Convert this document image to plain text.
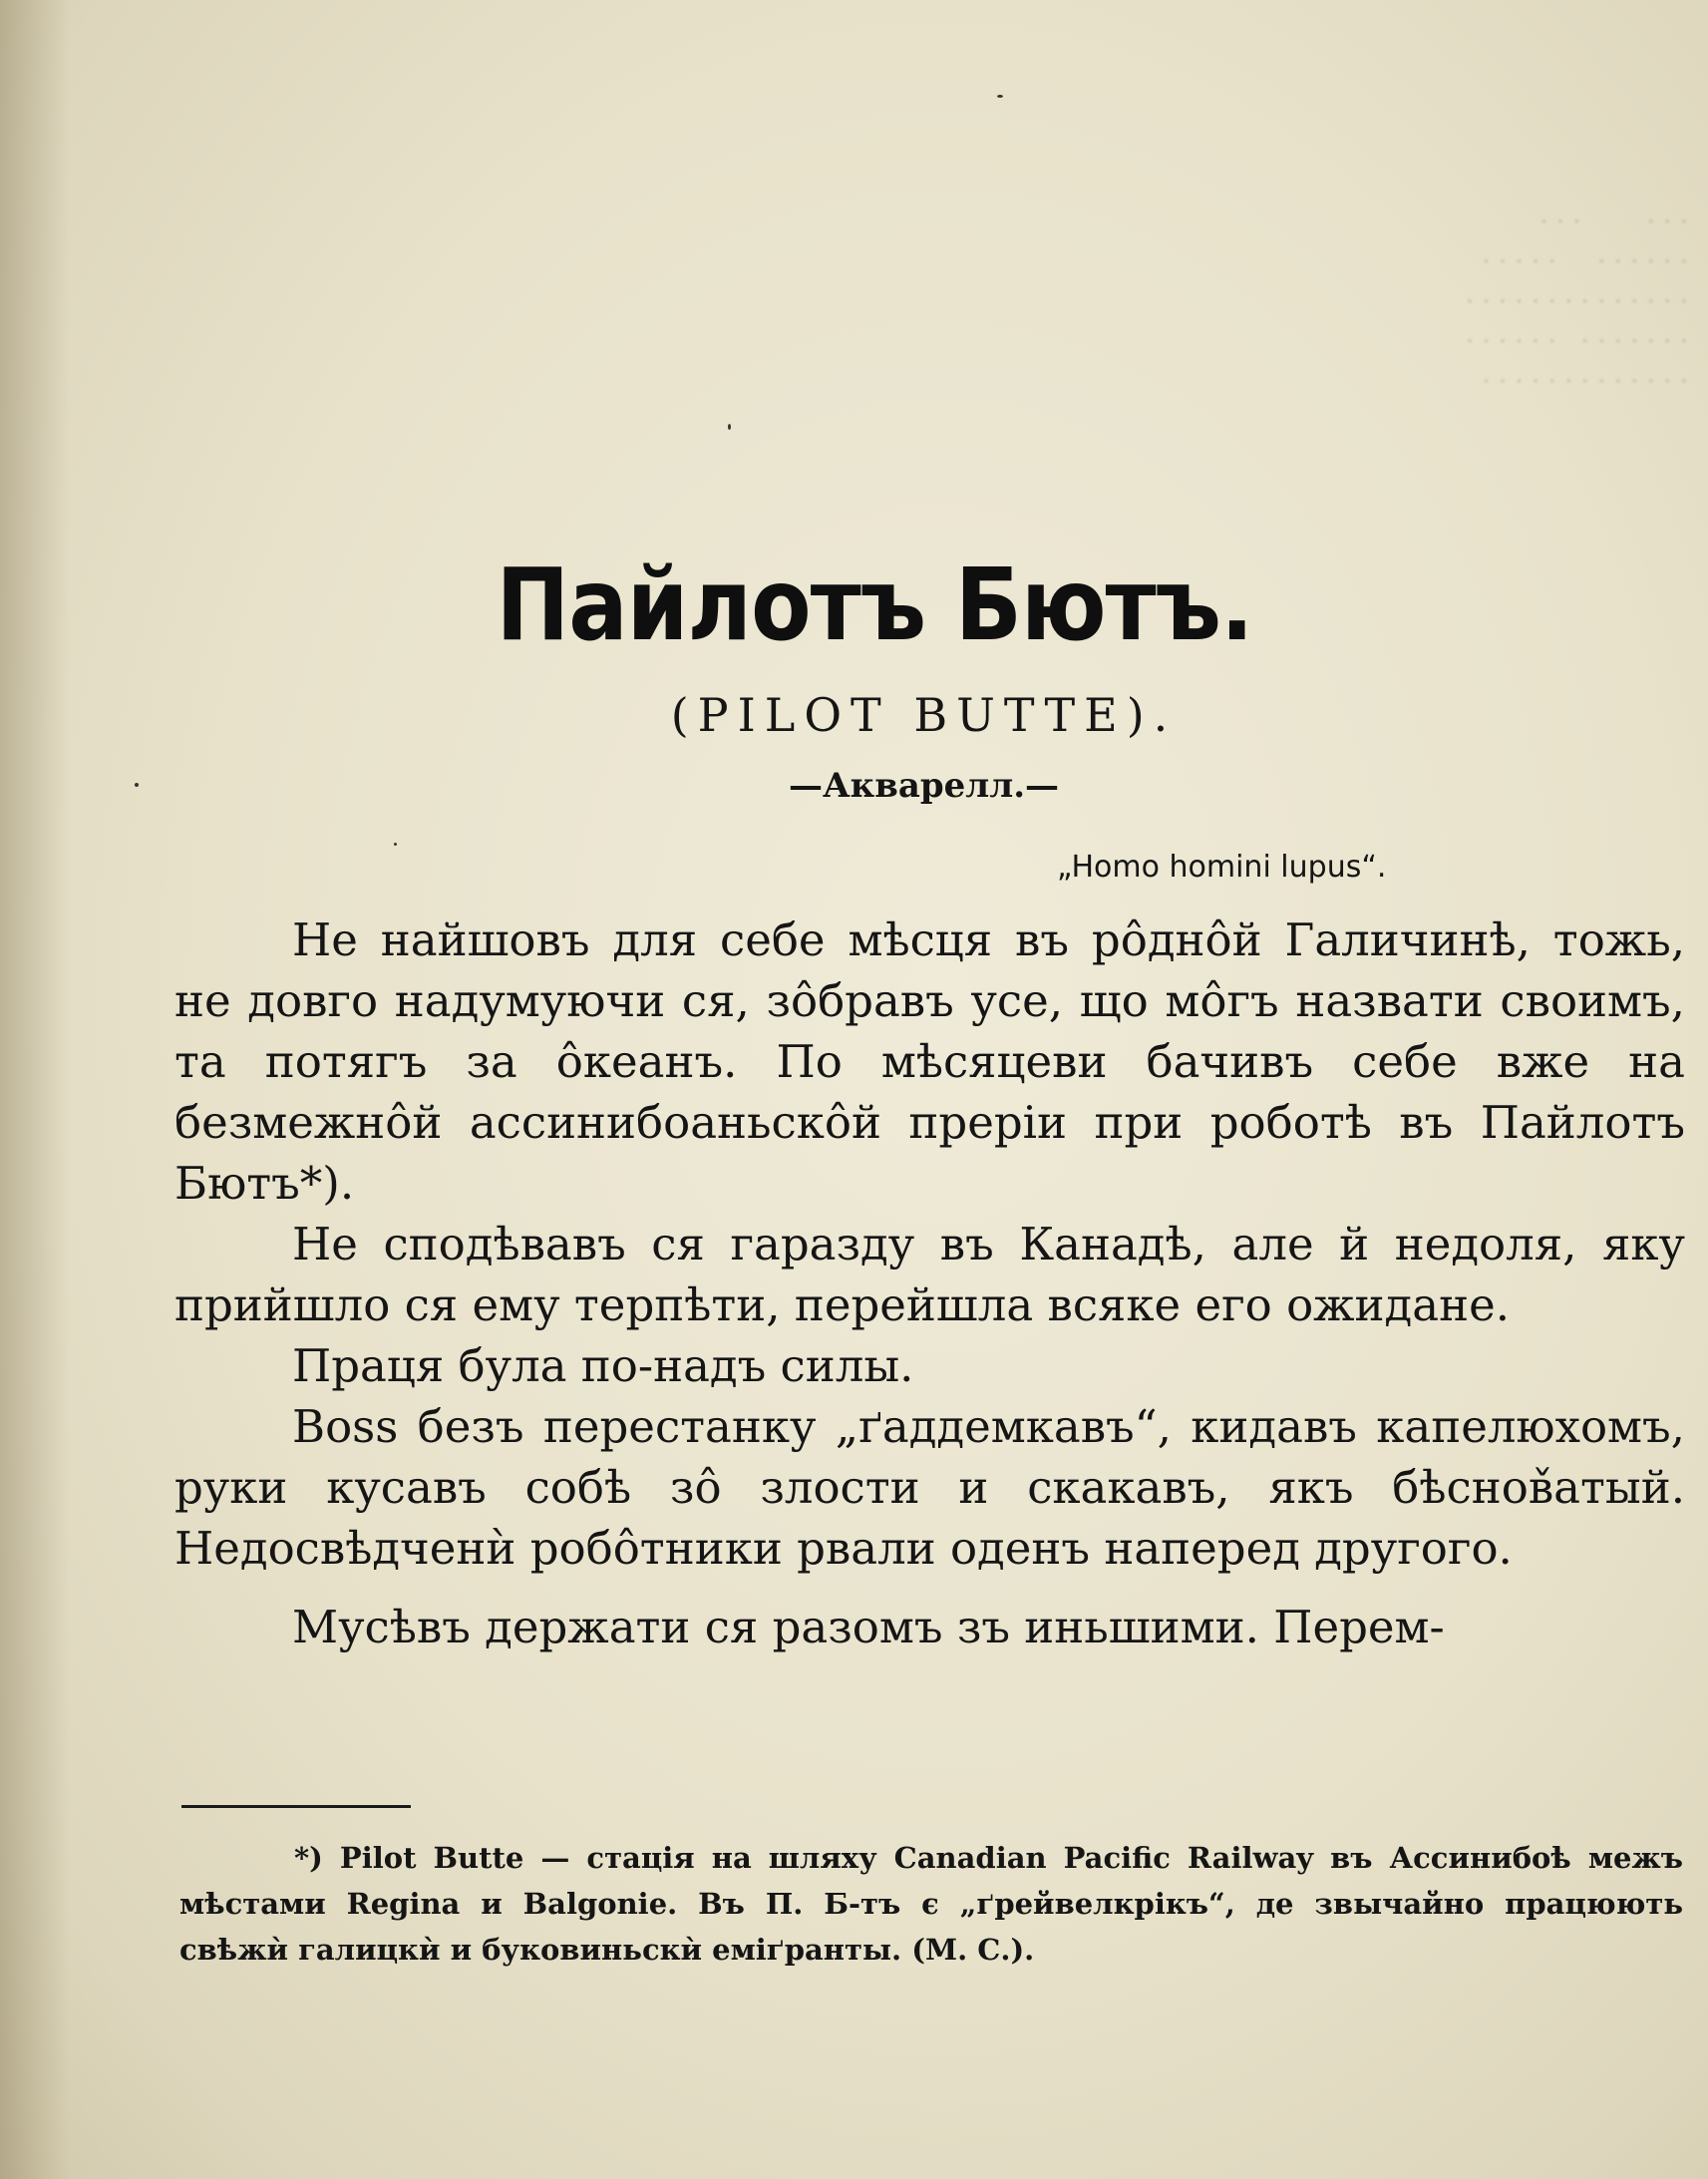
. . .        . . .
. . . . .     . . . . . .
. . . . . . . . . . . . . .
. . . . . .   . . . . . . .
. . . . . . . . . . . . .
Пайлотъ Бютъ.
(PILOT BUTTE).
—Акварелл.—
„Homo homini lupus“.

Не найшовъ для себе мѣсця въ рôднôй Галичинѣ, тожь, не довго надумуючи ся, зôбравъ усе, що мôгъ назвати своимъ, та потягъ за ôкеанъ. По мѣсяцеви бачивъ себе вже на безмежнôй ассинибоаньскôй преріи при роботѣ въ Пайлотъ Бютъ*).

Не сподѣвавъ ся гаразду въ Канадѣ, але й недоля, яку прийшло ся ему терпѣти, перейшла всяке его ожидане.

Праця була по-надъ силы.

Boss безъ перестанку „ґаддемкавъ“, кидавъ капелюхомъ, руки кусавъ собѣ зô злости и скакавъ, якъ бѣснов̌атый. Недосвѣдченѝ робôтники рвали оденъ наперед другого.

Мусѣвъ держати ся разомъ зъ иньшими. Перем-

*) Pilot Butte — стація на шляху Canadian Pacific Railway въ Ассинибоѣ межъ мѣстами Regina и Balgonie. Въ П. Б-тъ є „ґрейвелкрікъ“, де звычайно працюють свѣжѝ галицкѝ и буковиньскѝ еміґранты. (М. С.).
